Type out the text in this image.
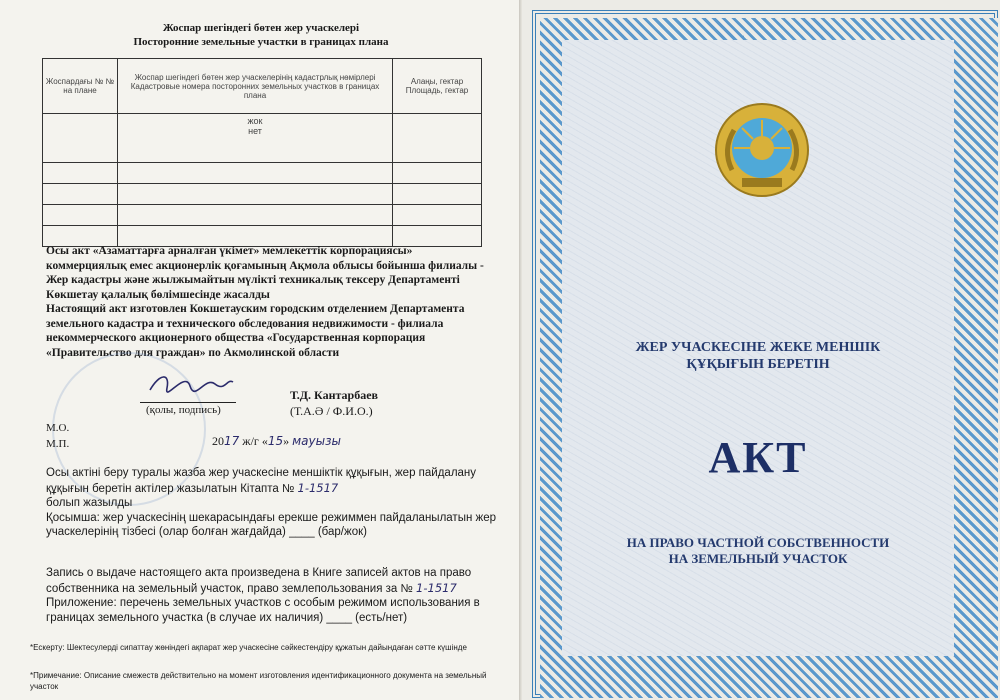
Жоспар шегіндегі бөтен жер учаскелері
Посторонние земельные участки в границах плана
Жоспардағы № № на плане	Жоспар шегіндегі бөтен жер учаскелерінің кадастрлық нөмірлері Кадастровые номера посторонних земельных участков в границах плана	Алаңы, гектар Площадь, гектар

	жок
нет	

Осы акт «Азаматтарға арналған үкімет» мемлекеттік корпорациясы» коммерциялық емес акционерлік қоғамының Ақмола облысы бойынша филиалы - Жер кадастры және жылжымайтын мүлікті техникалық тексеру Департаменті Көкшетау қалалық бөлімшесінде жасалды
Настоящий акт изготовлен Кокшетауским городским отделением Департамента земельного кадастра и технического обследования недвижимости - филиала некоммерческого акционерного общества «Государственная корпорация «Правительство для граждан» по Акмолинской области
(қолы, подпись)
Т.Д. Кантарбаев
(Т.А.Ә / Ф.И.О.)
М.О.
М.П.	2017 ж/г «15» мауызы
Осы актіні беру туралы жазба жер учаскесіне меншіктік құқығын, жер пайдалану құқығын беретін актілер жазылатын Кітапта № 1-1517
болып жазылды
Қосымша: жер учаскесінің шекарасындағы ерекше режиммен пайдаланылатын жер учаскелерінің тізбесі (олар болған жағдайда) ____ (бар/жок)
Запись о выдаче настоящего акта произведена в Книге записей актов на право собственника на земельный участок, право землепользования за № 1-1517
Приложение: перечень земельных участков с особым режимом использования в границах земельного участка (в случае их наличия) ____ (есть/нет)
*Ескерту: Шектесулерді сипаттау жөніндегі ақпарат жер учаскесіне сәйкестендіру құжатын дайындаған сәтте күшінде
*Примечание: Описание смежеств действительно на момент изготовления идентификационного документа на земельный участок
ЖЕР УЧАСКЕСІНЕ ЖЕКЕ МЕНШІК
ҚҰҚЫҒЫН БЕРЕТІН
АКТ
НА ПРАВО ЧАСТНОЙ СОБСТВЕННОСТИ
НА ЗЕМЕЛЬНЫЙ УЧАСТОК
